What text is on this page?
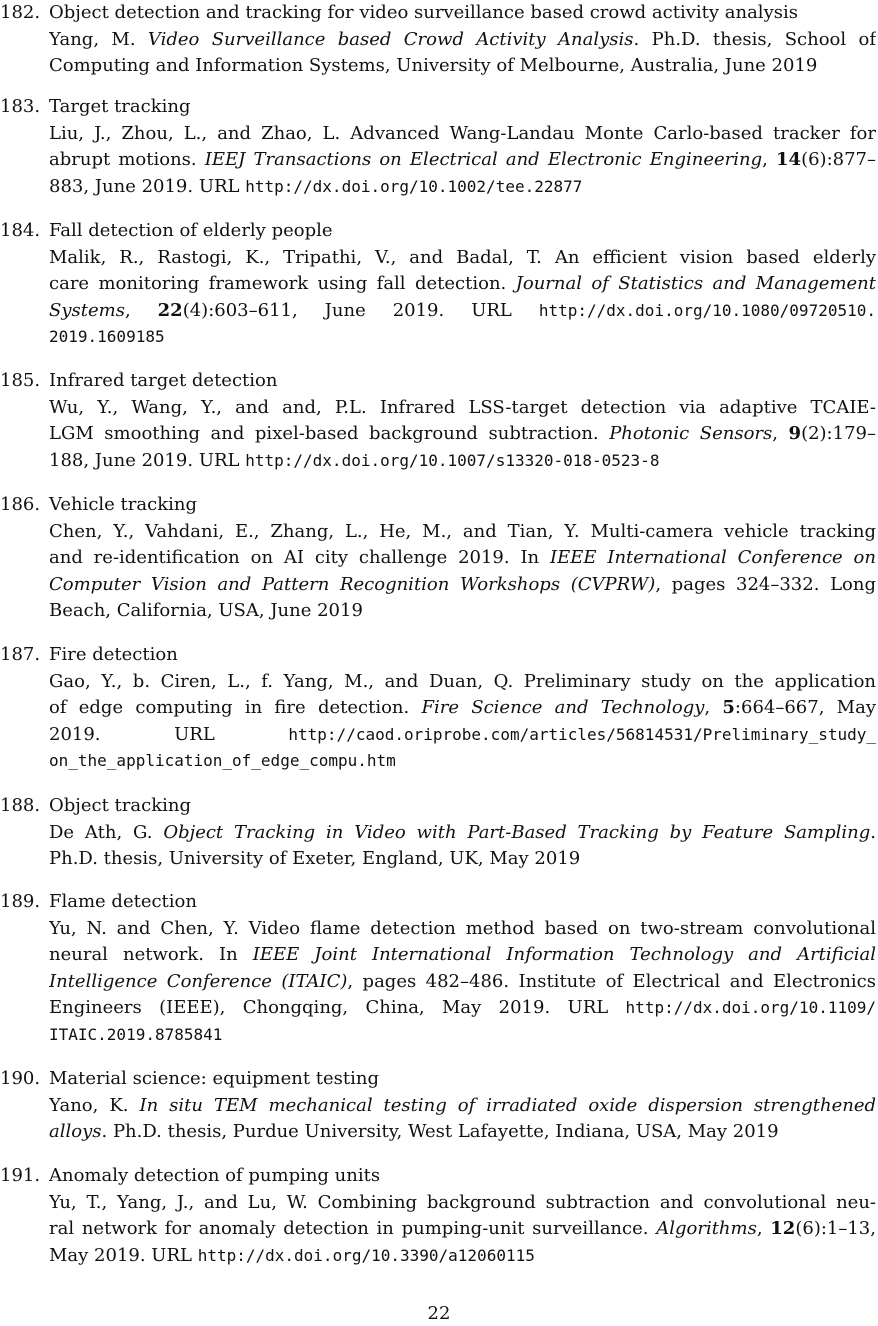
182. Object detection and tracking for video surveillance based crowd activity analysis
Yang, M. Video Surveillance based Crowd Activity Analysis. Ph.D. thesis, School of
Computing and Information Systems, University of Melbourne, Australia, June 2019
183. Target tracking
Liu, J., Zhou, L., and Zhao, L. Advanced Wang-Landau Monte Carlo-based tracker for
abrupt motions. IEEJ Transactions on Electrical and Electronic Engineering, 14(6):877–
883, June 2019. URL http://dx.doi.org/10.1002/tee.22877
184. Fall detection of elderly people
Malik, R., Rastogi, K., Tripathi, V., and Badal, T. An efficient vision based elderly
care monitoring framework using fall detection. Journal of Statistics and Management
Systems, 22(4):603–611, June 2019. URL http://dx.doi.org/10.1080/09720510.
2019.1609185
185. Infrared target detection
Wu, Y., Wang, Y., and and, P.L. Infrared LSS-target detection via adaptive TCAIE-
LGM smoothing and pixel-based background subtraction. Photonic Sensors, 9(2):179–
188, June 2019. URL http://dx.doi.org/10.1007/s13320-018-0523-8
186. Vehicle tracking
Chen, Y., Vahdani, E., Zhang, L., He, M., and Tian, Y. Multi-camera vehicle tracking
and re-identification on AI city challenge 2019. In IEEE International Conference on
Computer Vision and Pattern Recognition Workshops (CVPRW), pages 324–332. Long
Beach, California, USA, June 2019
187. Fire detection
Gao, Y., b. Ciren, L., f. Yang, M., and Duan, Q. Preliminary study on the application
of edge computing in fire detection. Fire Science and Technology, 5:664–667, May
2019. URL http://caod.oriprobe.com/articles/56814531/Preliminary_study_
on_the_application_of_edge_compu.htm
188. Object tracking
De Ath, G. Object Tracking in Video with Part-Based Tracking by Feature Sampling.
Ph.D. thesis, University of Exeter, England, UK, May 2019
189. Flame detection
Yu, N. and Chen, Y. Video flame detection method based on two-stream convolutional
neural network. In IEEE Joint International Information Technology and Artificial
Intelligence Conference (ITAIC), pages 482–486. Institute of Electrical and Electronics
Engineers (IEEE), Chongqing, China, May 2019. URL http://dx.doi.org/10.1109/
ITAIC.2019.8785841
190. Material science: equipment testing
Yano, K. In situ TEM mechanical testing of irradiated oxide dispersion strengthened
alloys. Ph.D. thesis, Purdue University, West Lafayette, Indiana, USA, May 2019
191. Anomaly detection of pumping units
Yu, T., Yang, J., and Lu, W. Combining background subtraction and convolutional neu-
ral network for anomaly detection in pumping-unit surveillance. Algorithms, 12(6):1–13,
May 2019. URL http://dx.doi.org/10.3390/a12060115
22
